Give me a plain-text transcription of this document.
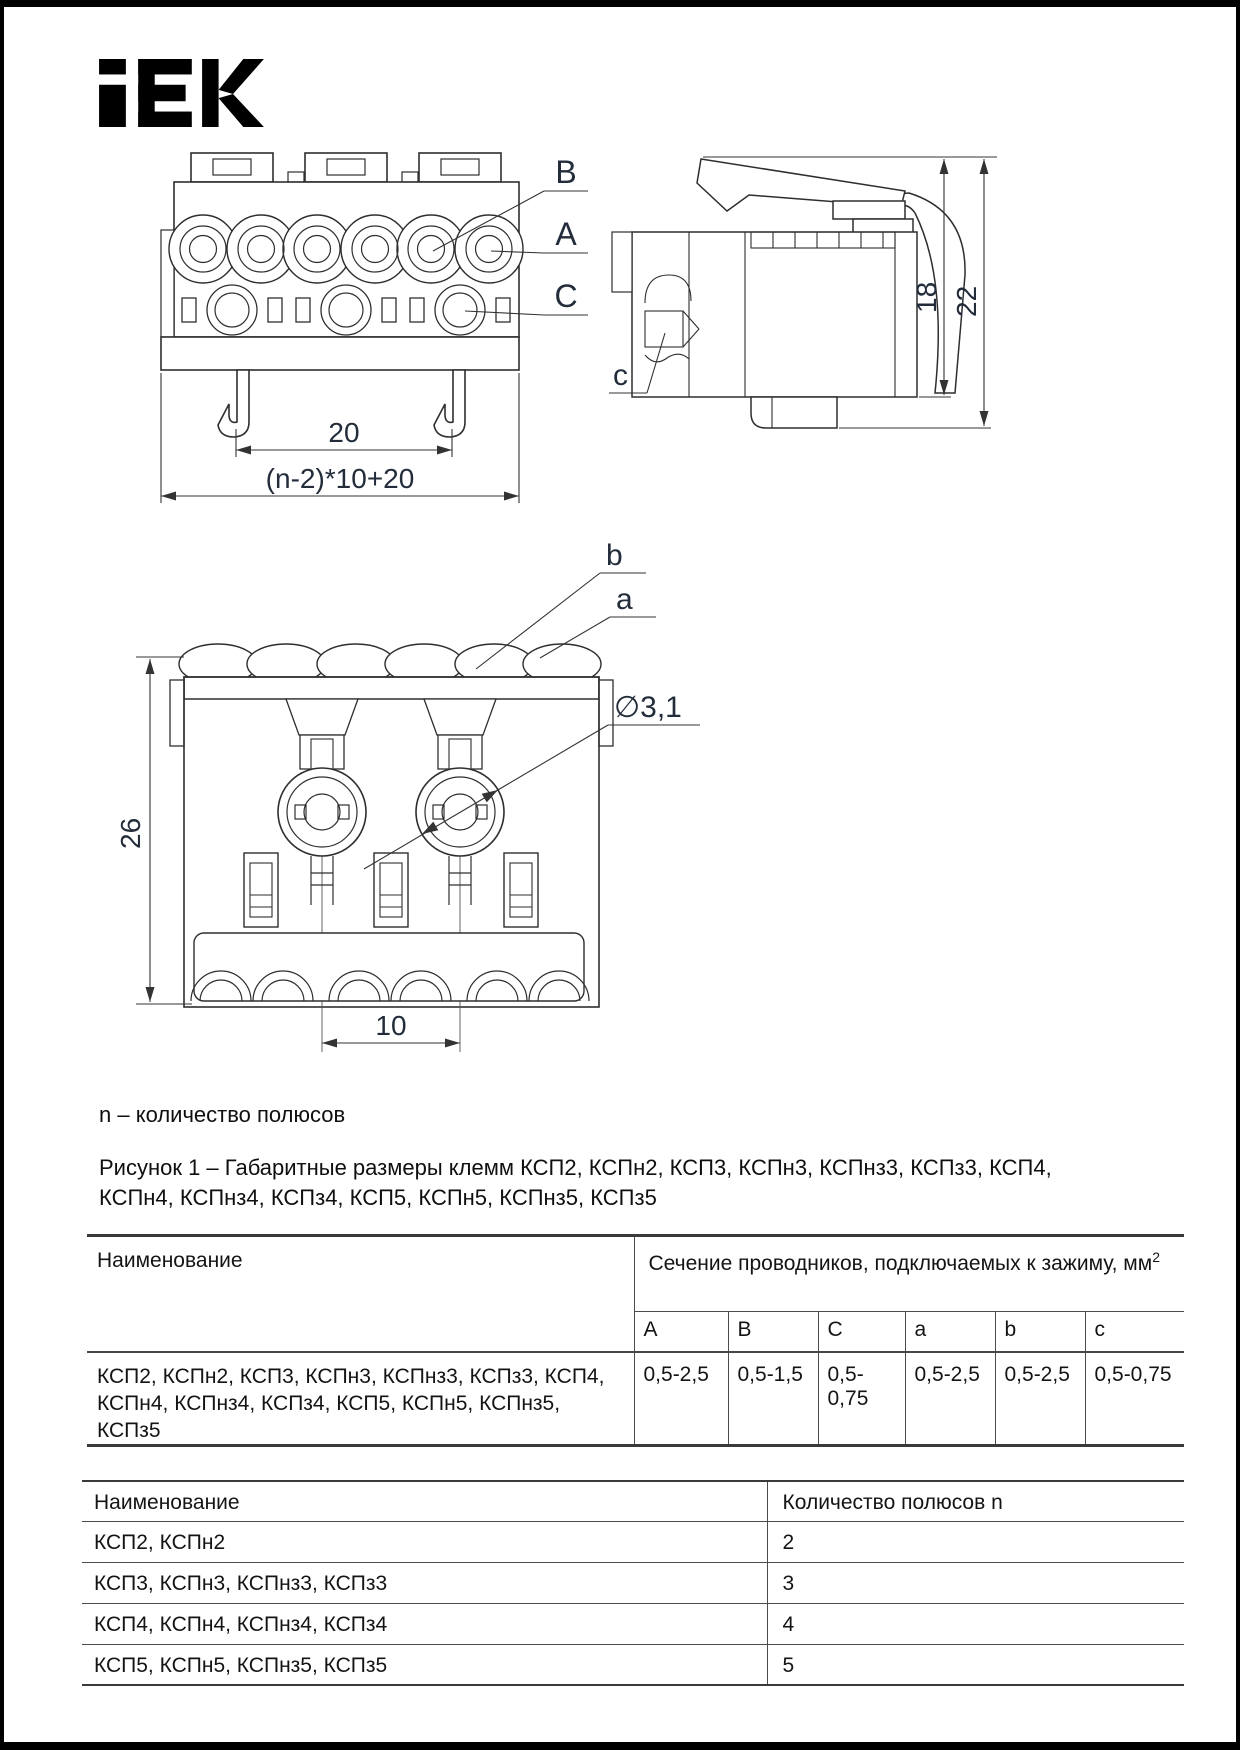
B
A
C
20
(n-2)*10+20
18 22
c
26
b
a
∅3,1
10
n – количество полюсов
Рисунок 1 – Габаритные размеры клемм КСП2, КСПн2, КСП3, КСПн3, КСПнз3, КСПз3, КСП4,
КСПн4, КСПнз4, КСПз4, КСП5, КСПн5, КСПнз5, КСПз5
Наименование	Сечение проводников, подключаемых к зажиму, $мм^2$
	A	B	C	a	b	c
КСП2, КСПн2, КСП3, КСПн3, КСПнз3, КСПз3, КСП4, КСПн4, КСПнз4, КСПз4, КСП5, КСПн5, КСПнз5, КСПз5	0,5-2,5	0,5-1,5	0,5-0,75	0,5-2,5	0,5-2,5	0,5-0,75
Наименование	Количество полюсов n
КСП2, КСПн2	2
КСП3, КСПн3, КСПнз3, КСПз3	3
КСП4, КСПн4, КСПнз4, КСПз4	4
КСП5, КСПн5, КСПнз5, КСПз5	5
